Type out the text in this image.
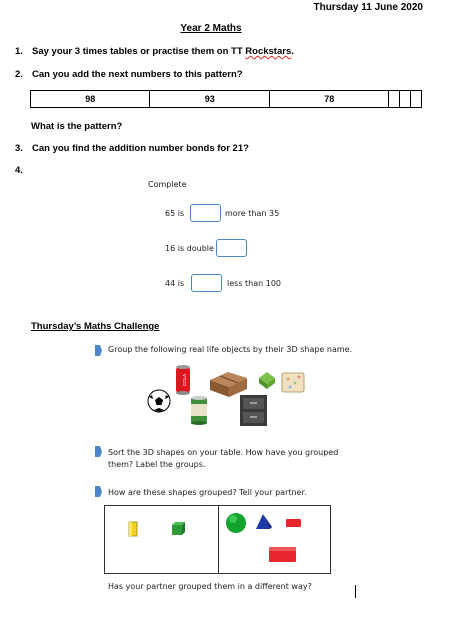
Thursday 11 June 2020
Year 2 Maths
1. Say your 3 times tables or practise them on TT Rockstars.
2. Can you add the next numbers to this pattern?
98	93	78			
What is the pattern?
3. Can you find the addition number bonds for 21?
4.
Complete
65 is	more than 35
16 is double
44 is	less than 100
Thursday’s Maths Challenge
Group the following real life objects by their 3D shape name.
COLA
Sort the 3D shapes on your table. How have you grouped
them? Label the groups.
How are these shapes grouped? Tell your partner.
Has your partner grouped them in a different way?
